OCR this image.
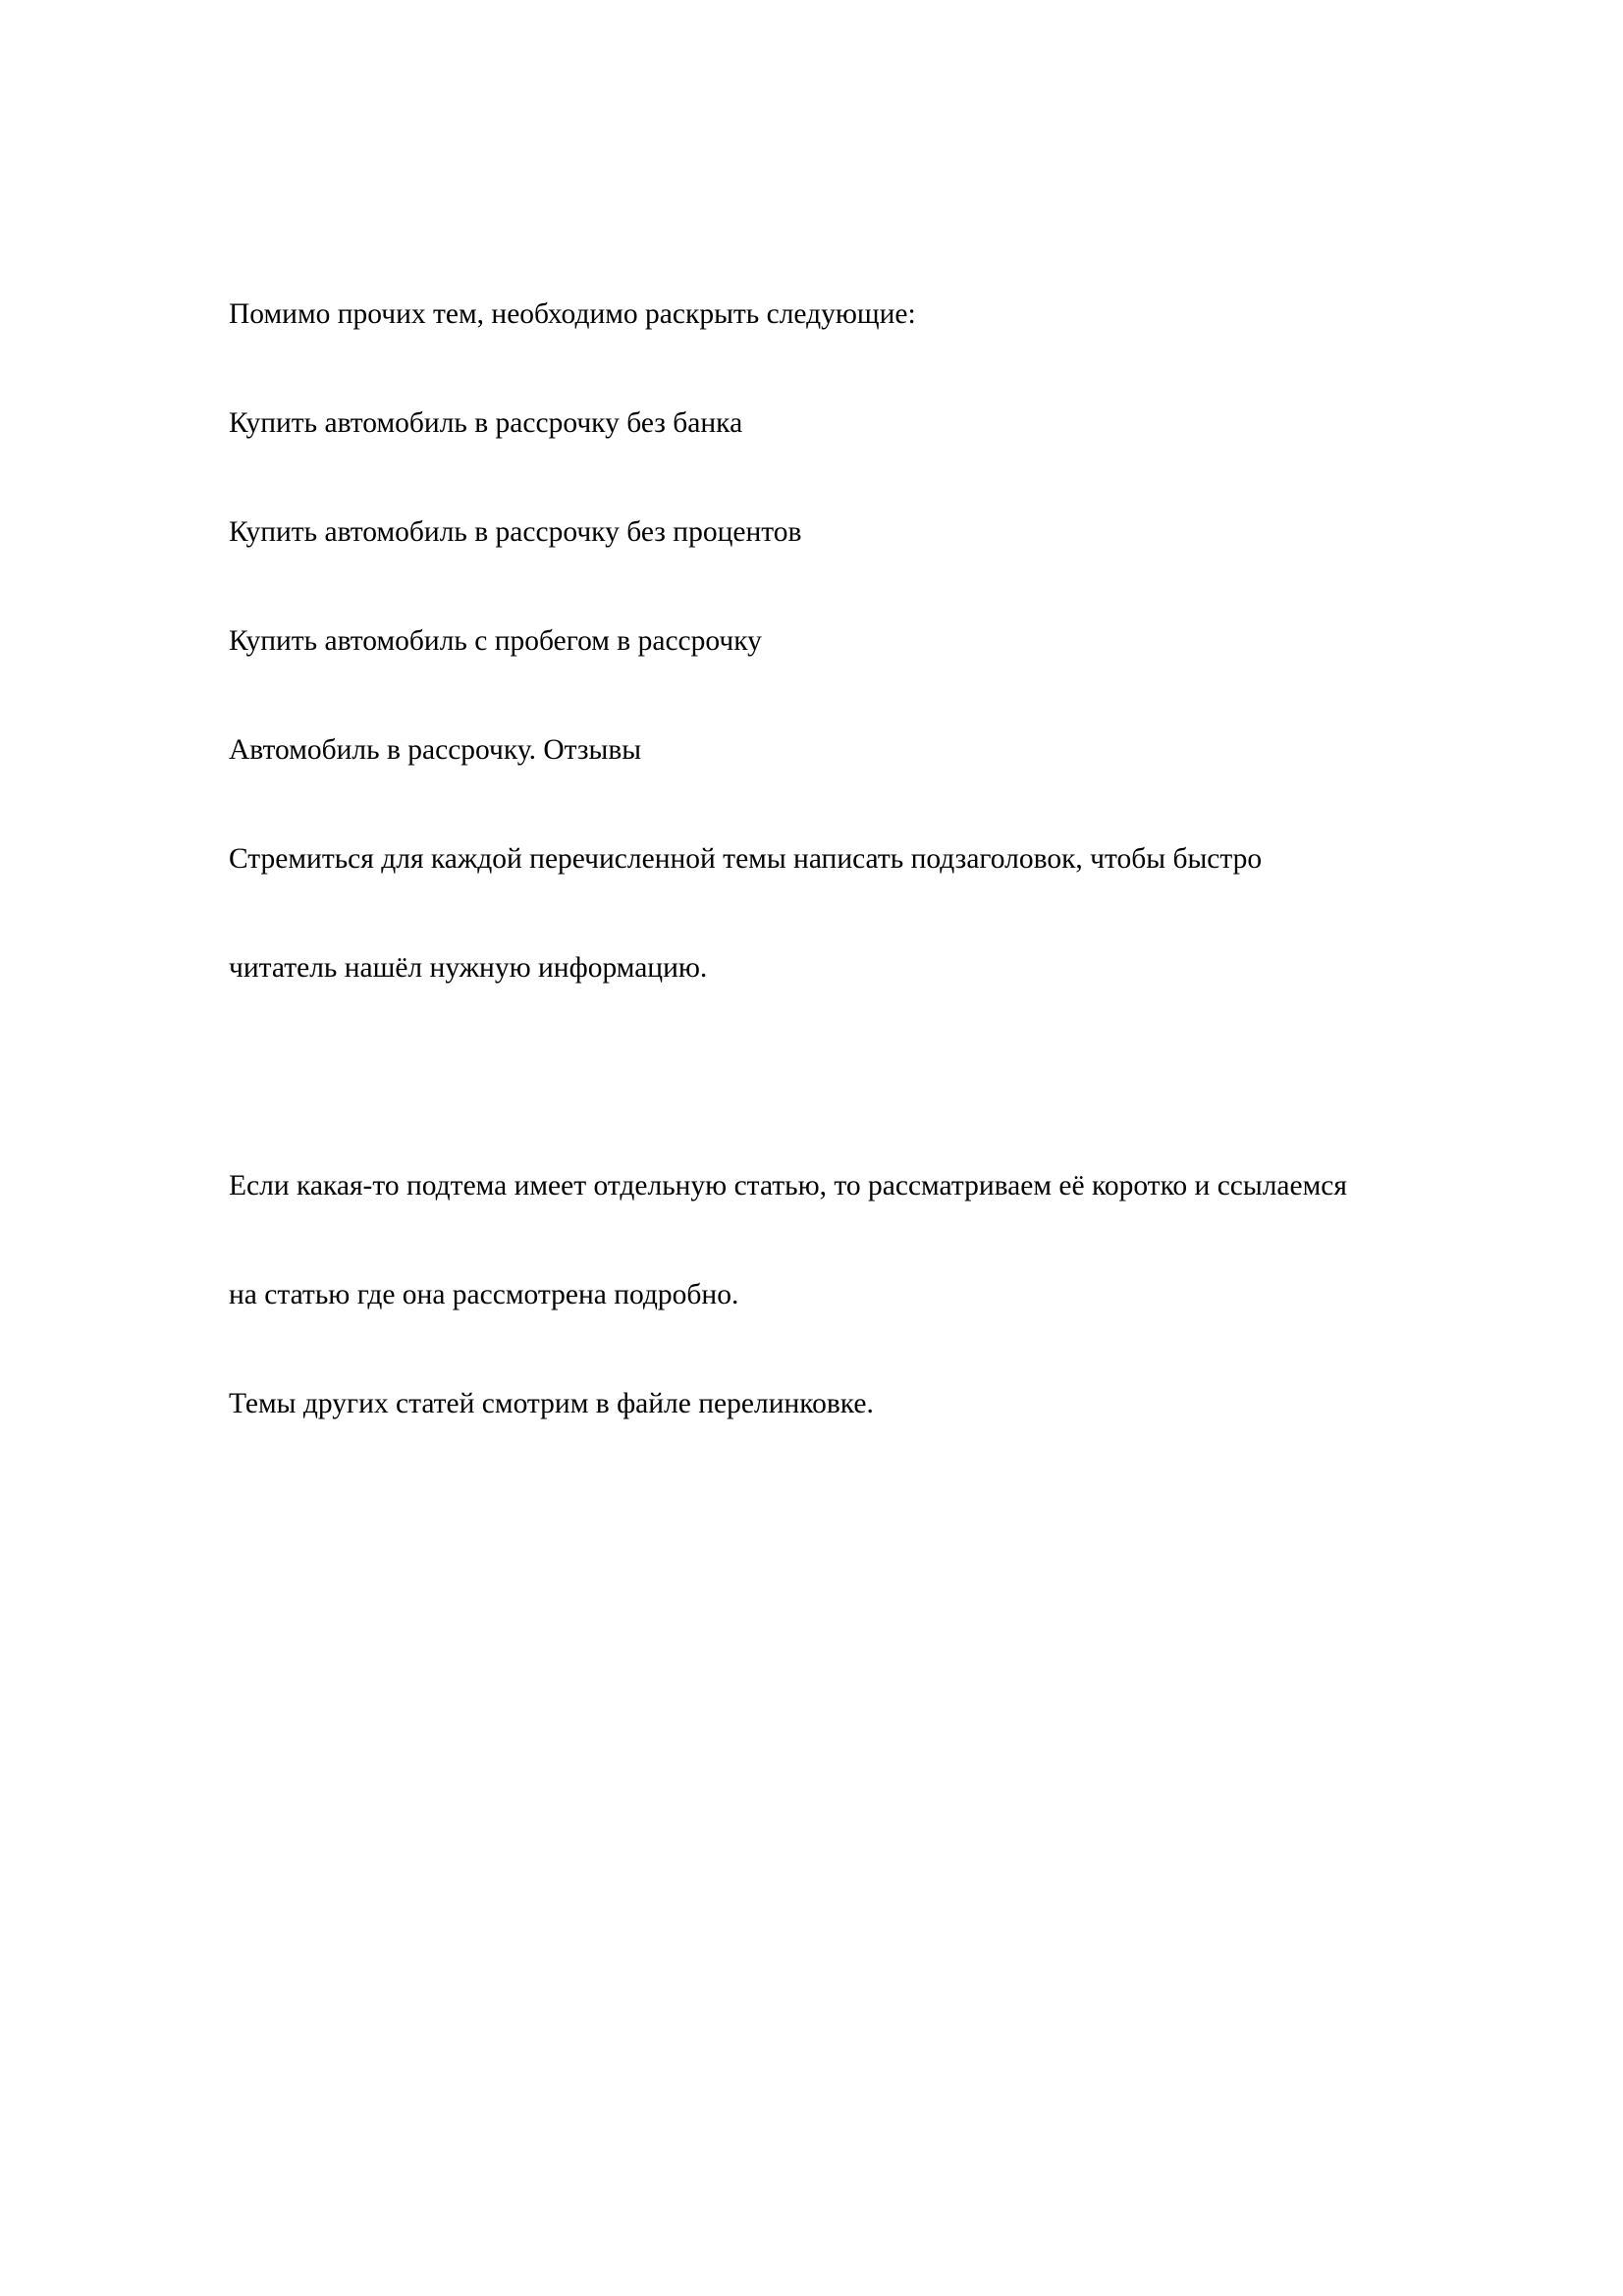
Помимо прочих тем, необходимо раскрыть следующие:

Купить автомобиль в рассрочку без банка

Купить автомобиль в рассрочку без процентов

Купить автомобиль с пробегом в рассрочку

Автомобиль в рассрочку. Отзывы

Стремиться для каждой перечисленной темы написать подзаголовок, чтобы быстро

читатель нашёл нужную информацию.

Если какая-то подтема имеет отдельную статью, то рассматриваем её коротко и ссылаемся

на статью где она рассмотрена подробно.

Темы других статей смотрим в файле перелинковке.
